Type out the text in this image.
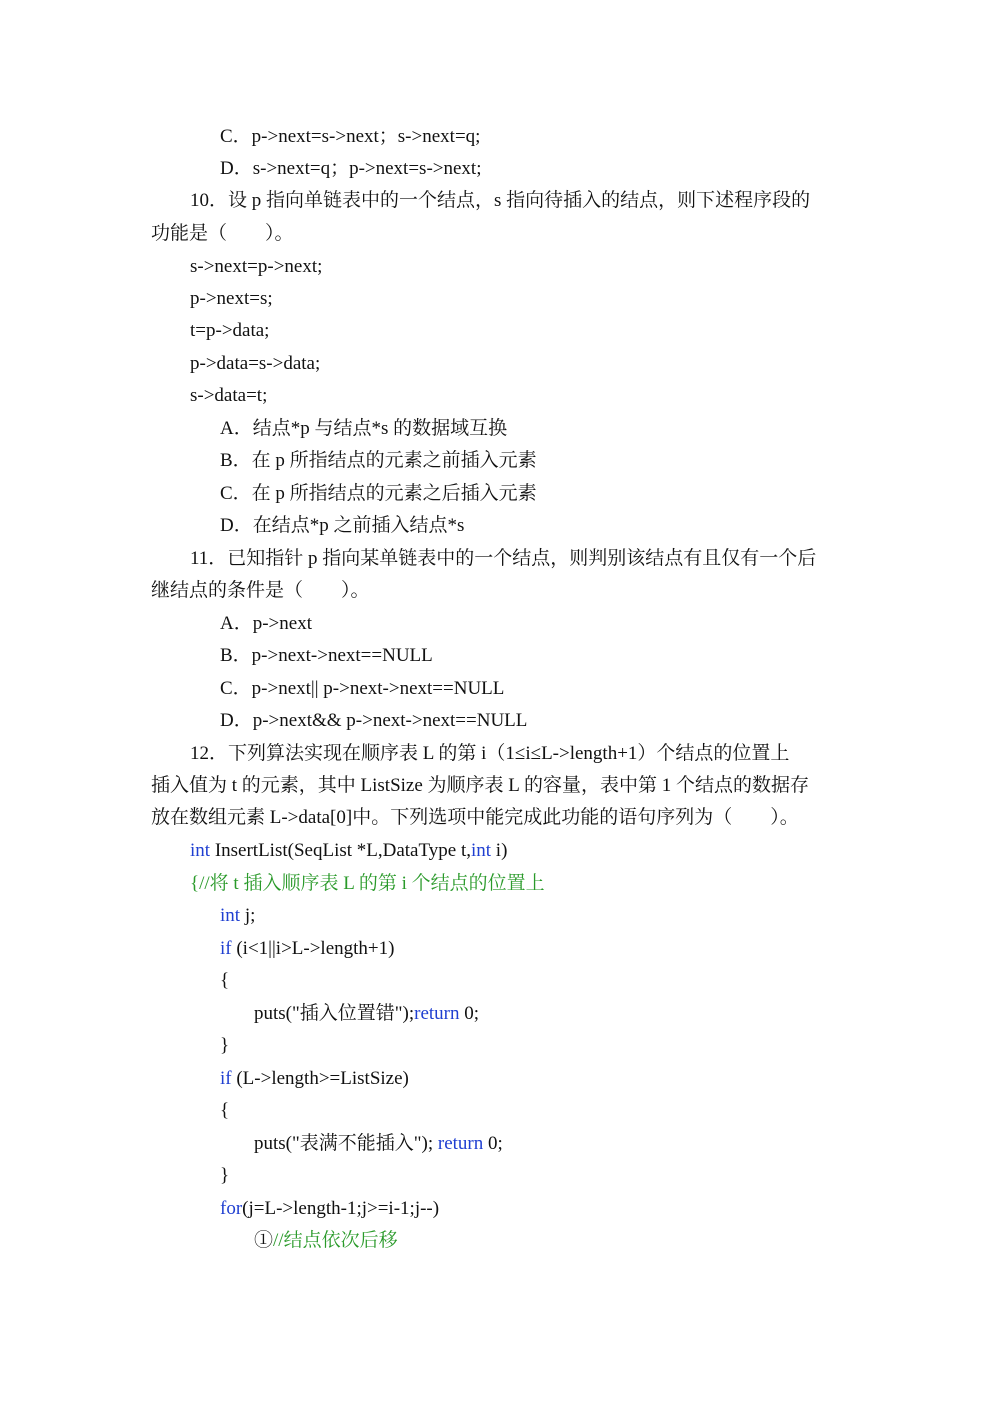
C．p->next=s->next；s->next=q;
D．s->next=q；p->next=s->next;
10．设 p 指向单链表中的一个结点，s 指向待插入的结点，则下述程序段的
功能是（　　）。
s->next=p->next;
p->next=s;
t=p->data;
p->data=s->data;
s->data=t;
A．结点*p 与结点*s 的数据域互换
B．在 p 所指结点的元素之前插入元素
C．在 p 所指结点的元素之后插入元素
D．在结点*p 之前插入结点*s
11．已知指针 p 指向某单链表中的一个结点，则判别该结点有且仅有一个后
继结点的条件是（　　）。
A．p->next
B．p->next->next==NULL
C．p->next|| p->next->next==NULL
D．p->next&& p->next->next==NULL
12．下列算法实现在顺序表 L 的第 i（1≤i≤L->length+1）个结点的位置上
插入值为 t 的元素，其中 ListSize 为顺序表 L 的容量，表中第 1 个结点的数据存
放在数组元素 L->data[0]中。下列选项中能完成此功能的语句序列为（　　）。
int InsertList(SeqList *L,DataType t,int i)
{//将 t 插入顺序表 L 的第 i 个结点的位置上
int j;
if (i<1||i>L->length+1)
{
puts("插入位置错");return 0;
}
if (L->length>=ListSize)
{
puts("表满不能插入"); return 0;
}
for(j=L->length-1;j>=i-1;j--)
①//结点依次后移
